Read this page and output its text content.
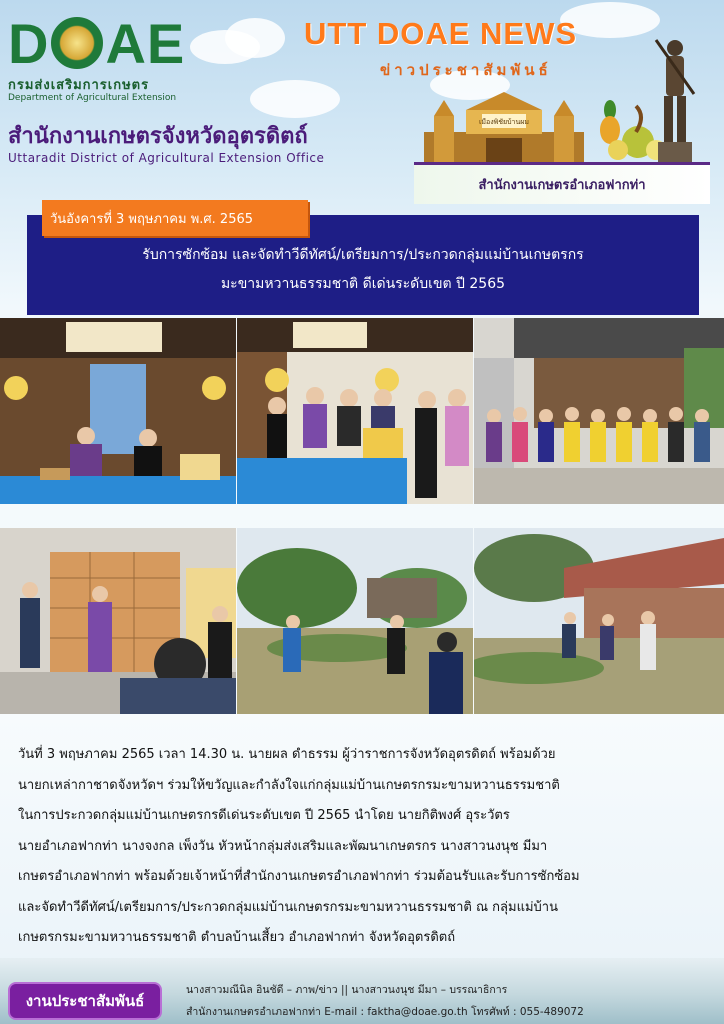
D AE
กรมส่งเสริมการเกษตร
Department of Agricultural Extension
UTT DOAE NEWS
ข่าวประชาสัมพันธ์
สำนักงานเกษตรจังหวัดอุตรดิตถ์
Uttaradit District of Agricultural Extension Office
เมืองพิชัยบ้านผม
สำนักงานเกษตรอำเภอฟากท่า
วันอังคารที่ 3 พฤษภาคม พ.ศ. 2565
รับการซักซ้อม และจัดทำวีดีทัศน์/เตรียมการ/ประกวดกลุ่มแม่บ้านเกษตรกร
มะขามหวานธรรมชาติ ดีเด่นระดับเขต ปี 2565
วันที่ 3 พฤษภาคม 2565 เวลา 14.30 น. นายผล ดำธรรม ผู้ว่าราชการจังหวัดอุตรดิตถ์ พร้อมด้วย
นายกเหล่ากาชาดจังหวัดฯ ร่วมให้ขวัญและกำลังใจแก่กลุ่มแม่บ้านเกษตรกรมะขามหวานธรรมชาติ
ในการประกวดกลุ่มแม่บ้านเกษตรกรดีเด่นระดับเขต ปี 2565 นำโดย นายกิติพงศ์ อุระวัตร
นายอำเภอฟากท่า นางจงกล เพ็งวัน หัวหน้ากลุ่มส่งเสริมและพัฒนาเกษตรกร นางสาวนงนุช มีมา
เกษตรอำเภอฟากท่า พร้อมด้วยเจ้าหน้าที่สำนักงานเกษตรอำเภอฟากท่า ร่วมต้อนรับและรับการซักซ้อม
และจัดทำวีดีทัศน์/เตรียมการ/ประกวดกลุ่มแม่บ้านเกษตรกรมะขามหวานธรรมชาติ ณ กลุ่มแม่บ้าน
เกษตรกรมะขามหวานธรรมชาติ ตำบลบ้านเสี้ยว อำเภอฟากท่า จังหวัดอุตรดิตถ์
งานประชาสัมพันธ์
นางสาวมณีนิล อินชัดี – ภาพ/ข่าว || นางสาวนงนุช มีมา – บรรณาธิการ
สำนักงานเกษตรอำเภอฟากท่า E-mail : faktha@doae.go.th โทรศัพท์ : 055-489072
